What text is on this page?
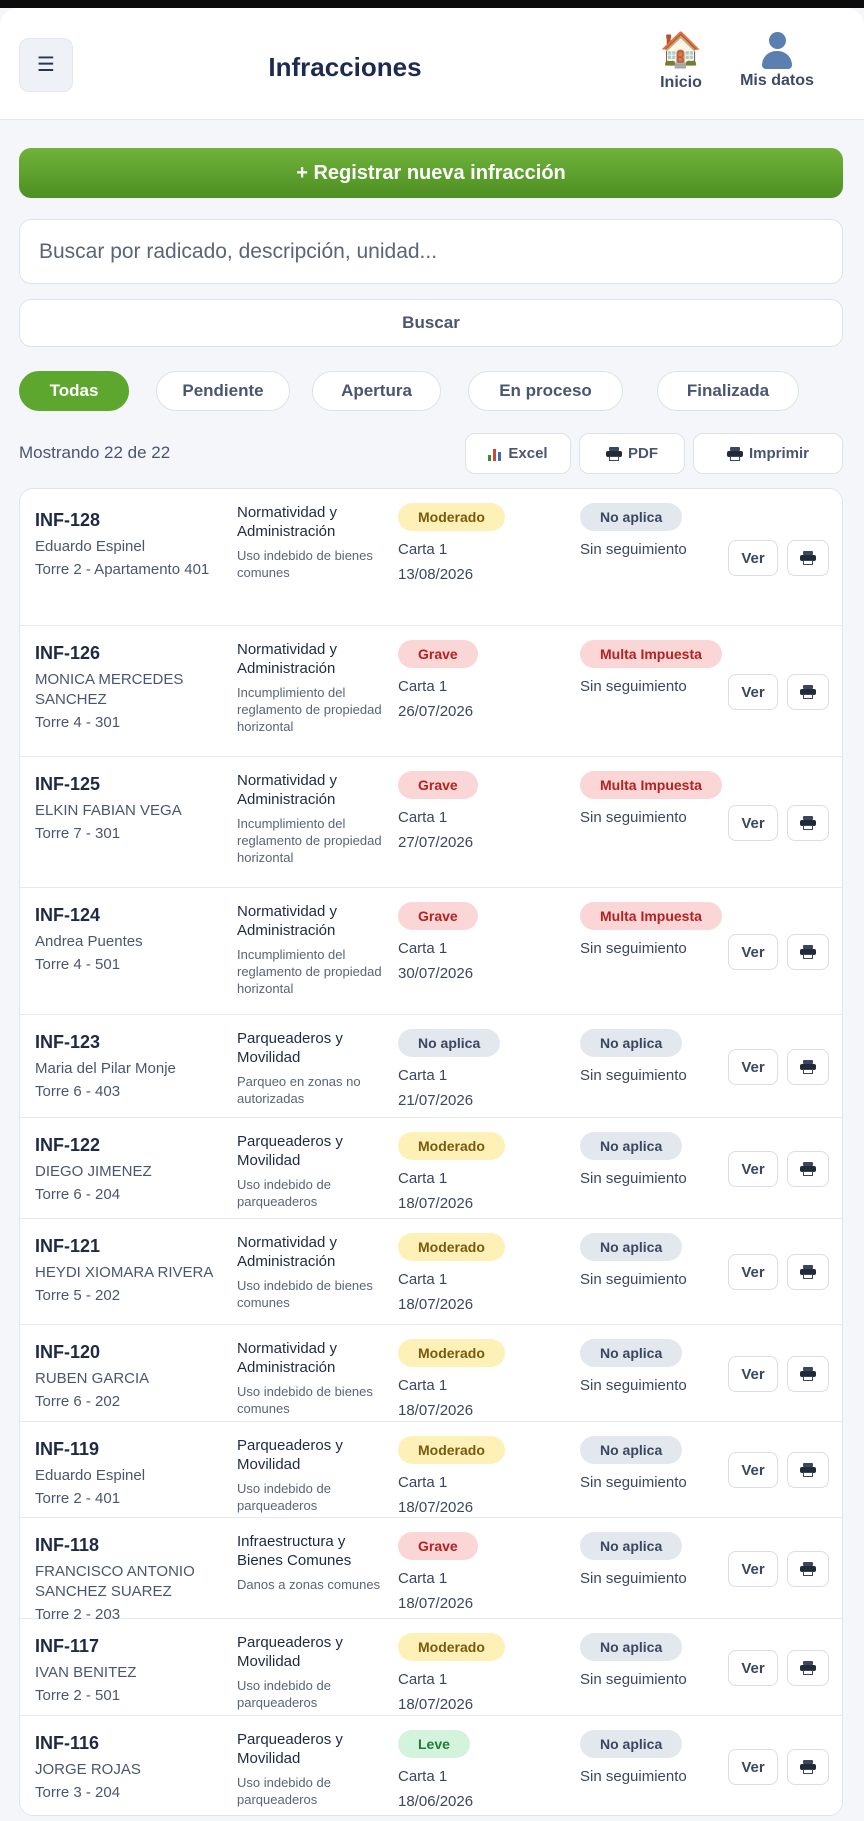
☰	Infracciones	🏠
Inicio	Mis datos
+ Registrar nueva infracción
Buscar por radicado, descripción, unidad...
Buscar
Todas	Pendiente	Apertura	En proceso	Finalizada
Mostrando 22 de 22	Excel	PDF	Imprimir
INF-128
Eduardo Espinel
Torre 2 - Apartamento 401
Normatividad y Administración
Uso indebido de bienes comunes
Moderado
Carta 1
13/08/2026
No aplica
Sin seguimiento	Ver
INF-126
MONICA MERCEDES SANCHEZ
Torre 4 - 301
Normatividad y Administración
Incumplimiento del reglamento de propiedad horizontal
Grave
Carta 1
26/07/2026
Multa Impuesta
Sin seguimiento	Ver
INF-125
ELKIN FABIAN VEGA
Torre 7 - 301
Normatividad y Administración
Incumplimiento del reglamento de propiedad horizontal
Grave
Carta 1
27/07/2026
Multa Impuesta
Sin seguimiento	Ver
INF-124
Andrea Puentes
Torre 4 - 501
Normatividad y Administración
Incumplimiento del reglamento de propiedad horizontal
Grave
Carta 1
30/07/2026
Multa Impuesta
Sin seguimiento	Ver
INF-123
Maria del Pilar Monje
Torre 6 - 403
Parqueaderos y Movilidad
Parqueo en zonas no autorizadas
No aplica
Carta 1
21/07/2026
No aplica
Sin seguimiento	Ver
INF-122
DIEGO JIMENEZ
Torre 6 - 204
Parqueaderos y Movilidad
Uso indebido de parqueaderos
Moderado
Carta 1
18/07/2026
No aplica
Sin seguimiento
Ver
INF-121
HEYDI XIOMARA RIVERA
Torre 5 - 202
Normatividad y Administración
Uso indebido de bienes comunes
Moderado
Carta 1
18/07/2026
No aplica
Sin seguimiento	Ver
INF-120
RUBEN GARCIA
Torre 6 - 202
Normatividad y Administración
Uso indebido de bienes comunes
Moderado
Carta 1
18/07/2026
No aplica
Sin seguimiento
Ver
INF-119
Eduardo Espinel
Torre 2 - 401
Parqueaderos y Movilidad
Uso indebido de parqueaderos
Moderado
Carta 1
18/07/2026
No aplica
Sin seguimiento
Ver
INF-118
FRANCISCO ANTONIO SANCHEZ SUAREZ
Torre 2 - 203
Infraestructura y Bienes Comunes
Danos a zonas comunes
Grave
Carta 1
18/07/2026
No aplica
Sin seguimiento
Ver
INF-117
IVAN BENITEZ
Torre 2 - 501
Parqueaderos y Movilidad
Uso indebido de parqueaderos
Moderado
Carta 1
18/07/2026
No aplica
Sin seguimiento
Ver
INF-116
JORGE ROJAS
Torre 3 - 204
Parqueaderos y Movilidad
Uso indebido de parqueaderos
Leve
Carta 1
18/06/2026
No aplica
Sin seguimiento
Ver
